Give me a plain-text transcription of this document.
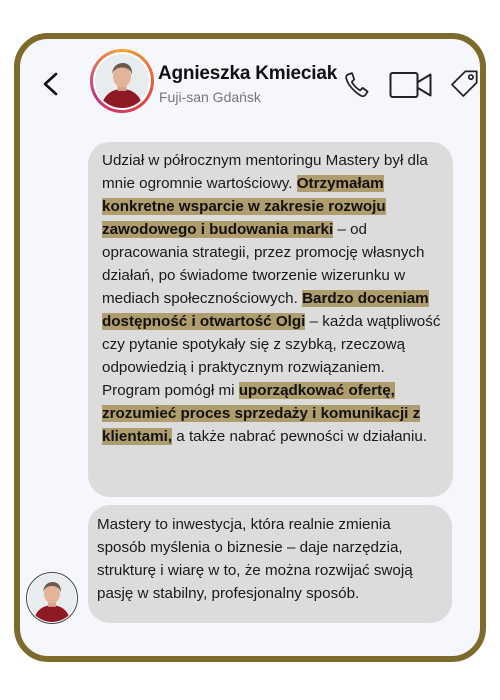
Agnieszka Kmieciak
Fuji-san Gdańsk
Udział w półrocznym mentoringu Mastery był dla mnie ogromnie wartościowy. Otrzymałam konkretne wsparcie w zakresie rozwoju zawodowego i budowania marki – od opracowania strategii, przez promocję własnych działań, po świadome tworzenie wizerunku w mediach społecznościowych. Bardzo doceniam dostępność i otwartość Olgi – każda wątpliwość czy pytanie spotykały się z szybką, rzeczową odpowiedzią i praktycznym rozwiązaniem.
Program pomógł mi uporządkować ofertę, zrozumieć proces sprzedaży i komunikacji z klientami, a także nabrać pewności w działaniu.
Mastery to inwestycja, która realnie zmienia sposób myślenia o biznesie – daje narzędzia, strukturę i wiarę w to, że można rozwijać swoją pasję w stabilny, profesjonalny sposób.
